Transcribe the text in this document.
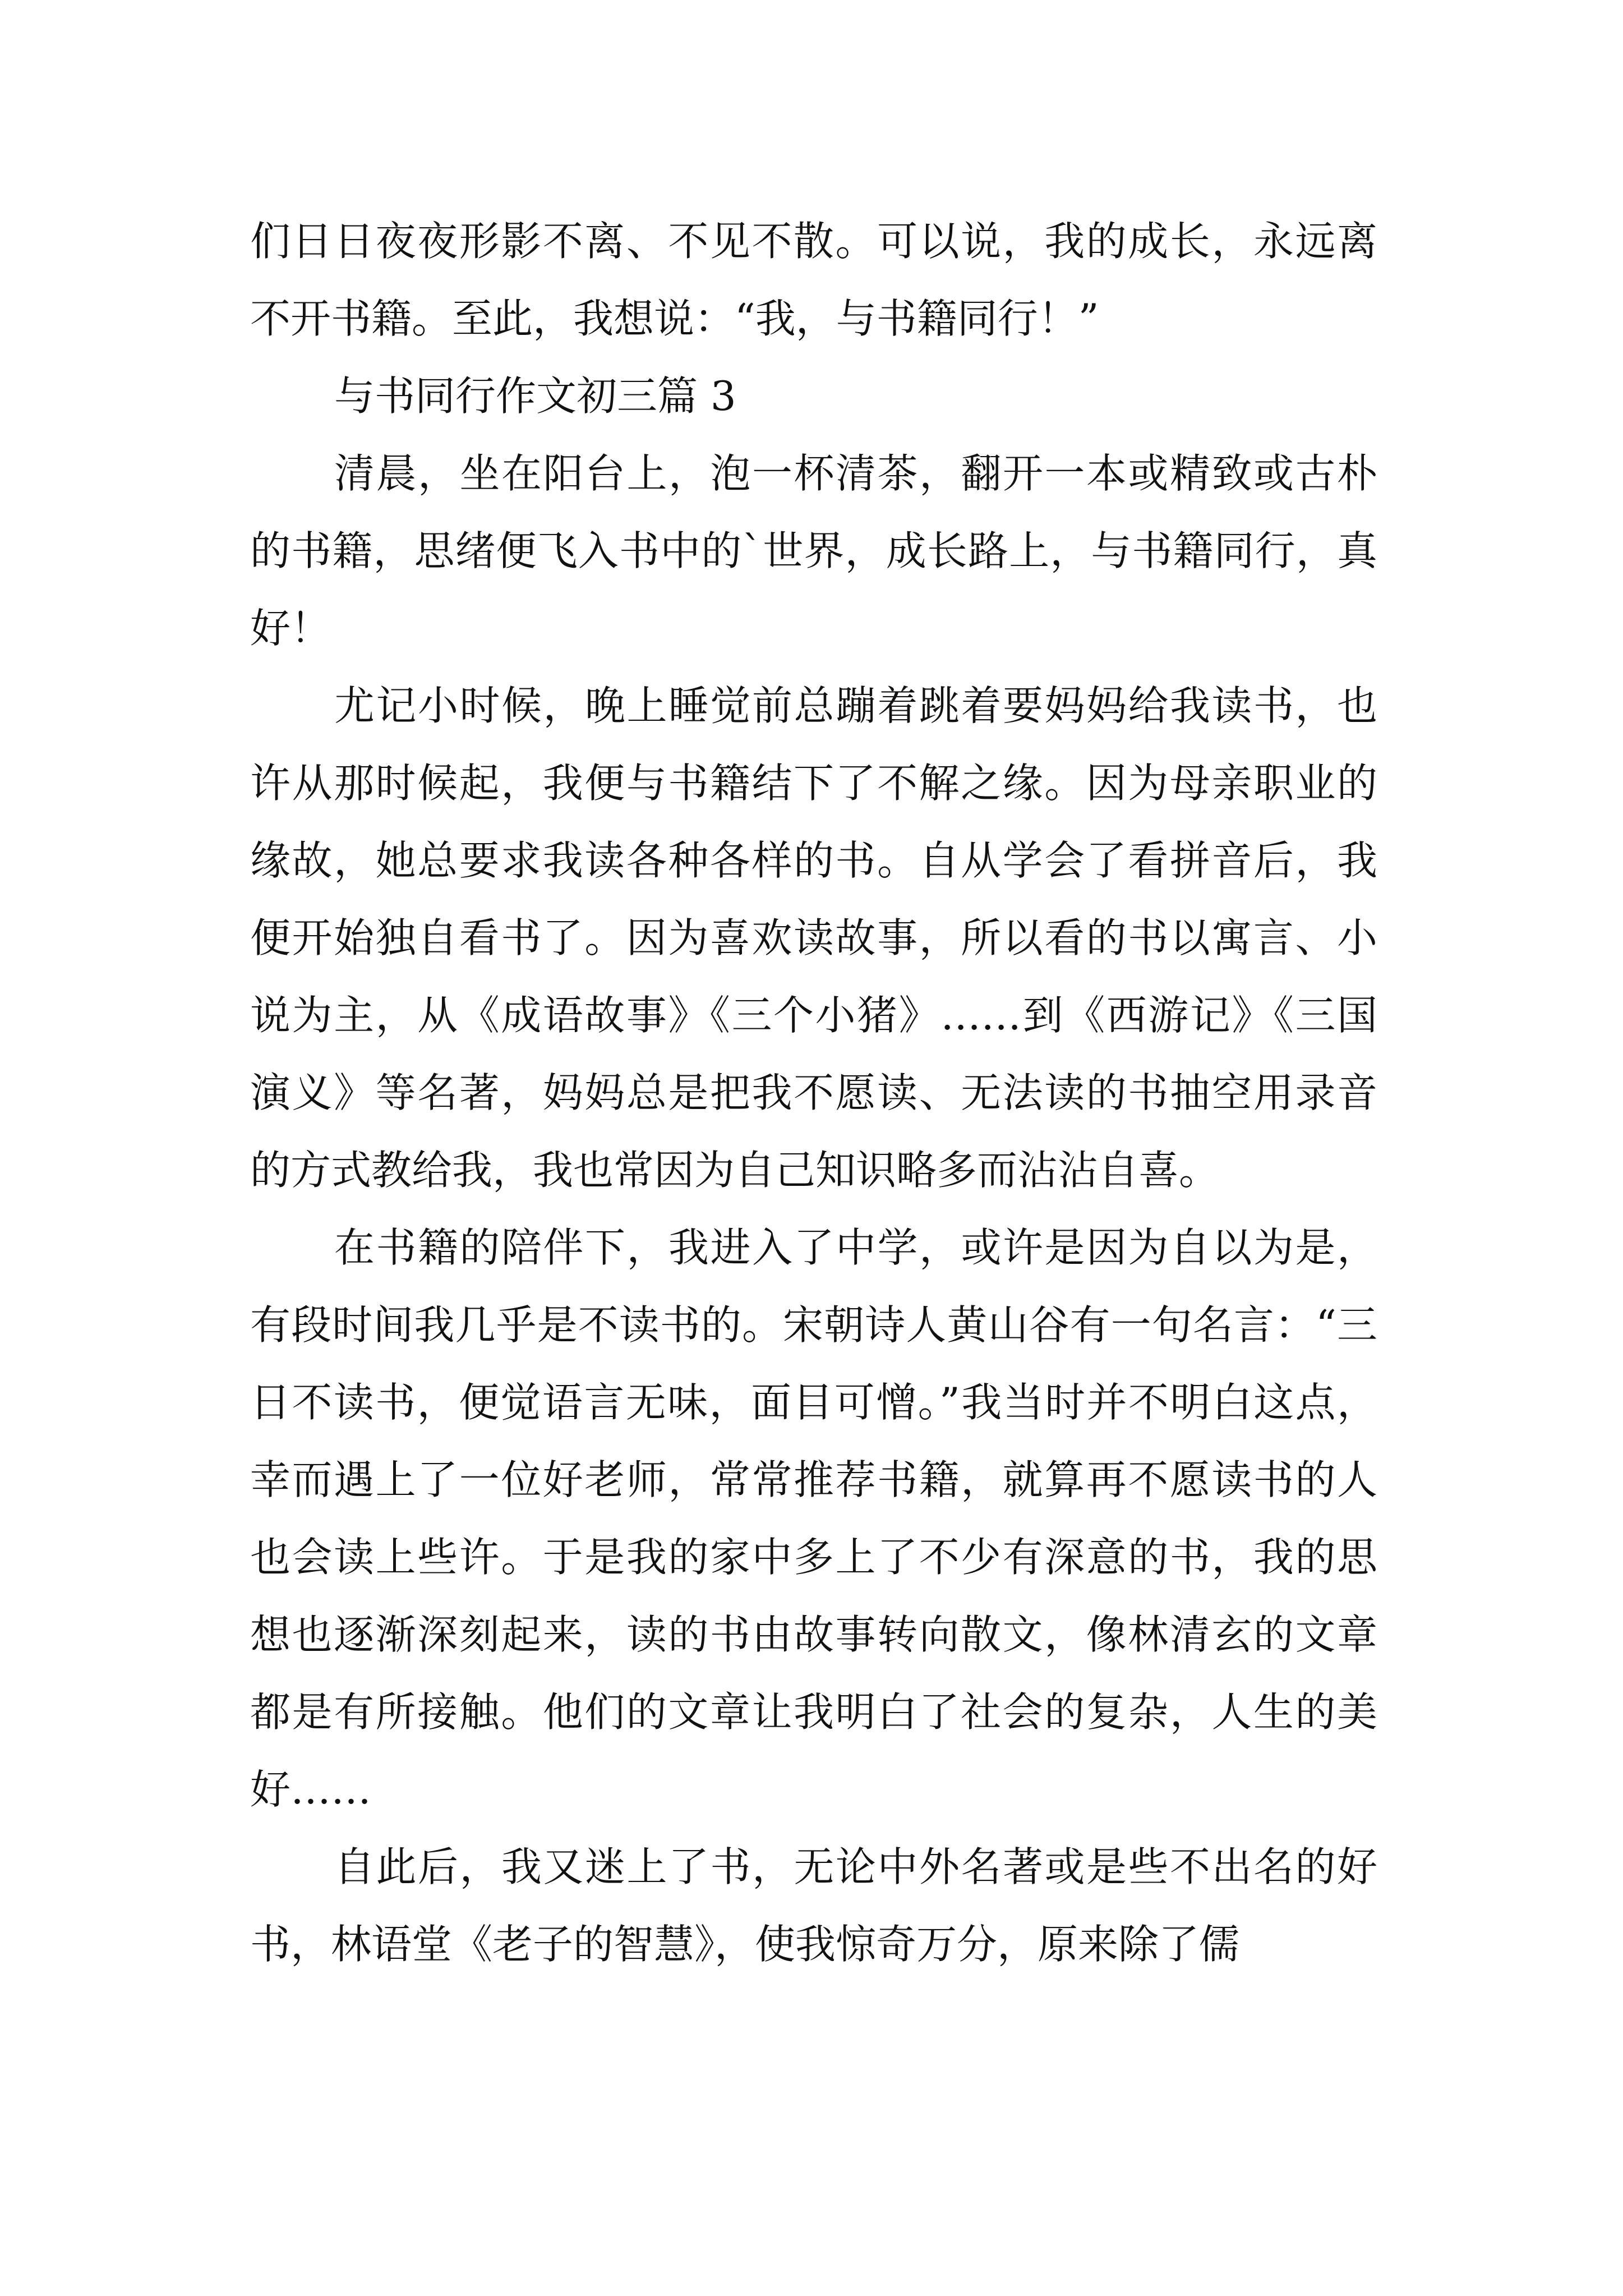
们日日夜夜形影不离、不见不散。可以说，我的成长，永远离不开书籍。至此，我想说：“我，与书籍同行！”

与书同行作文初三篇 3

清晨，坐在阳台上，泡一杯清茶，翻开一本或精致或古朴的书籍，思绪便飞入书中的`世界，成长路上，与书籍同行，真好！

尤记小时候，晚上睡觉前总蹦着跳着要妈妈给我读书，也许从那时候起，我便与书籍结下了不解之缘。因为母亲职业的缘故，她总要求我读各种各样的书。自从学会了看拼音后，我便开始独自看书了。因为喜欢读故事，所以看的书以寓言、小说为主，从《成语故事》《三个小猪》……到《西游记》《三国演义》等名著，妈妈总是把我不愿读、无法读的书抽空用录音的方式教给我，我也常因为自己知识略多而沾沾自喜。

在书籍的陪伴下，我进入了中学，或许是因为自以为是，有段时间我几乎是不读书的。宋朝诗人黄山谷有一句名言：“三日不读书，便觉语言无味，面目可憎。”我当时并不明白这点，幸而遇上了一位好老师，常常推荐书籍，就算再不愿读书的人也会读上些许。于是我的家中多上了不少有深意的书，我的思想也逐渐深刻起来，读的书由故事转向散文，像林清玄的文章都是有所接触。他们的文章让我明白了社会的复杂，人生的美好……

自此后，我又迷上了书，无论中外名著或是些不出名的好书，林语堂《老子的智慧》，使我惊奇万分，原来除了儒
